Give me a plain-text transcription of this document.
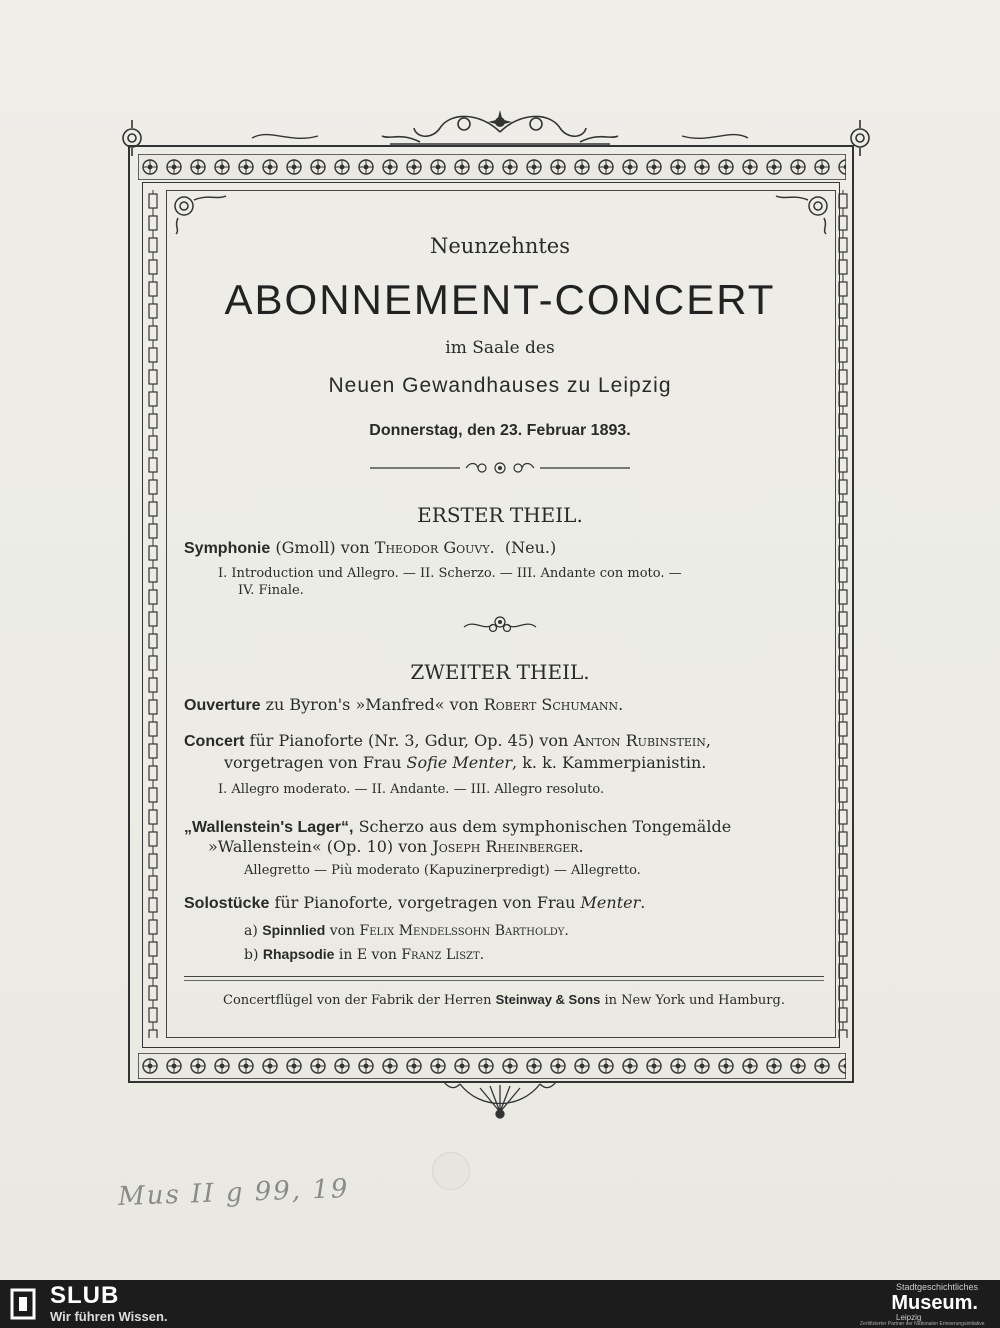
Neunzehntes
ABONNEMENT-CONCERT
im Saale des
Neuen Gewandhauses zu Leipzig
Donnerstag, den 23. Februar 1893.
ERSTER THEIL.
Symphonie (Gmoll) von Theodor Gouvy. (Neu.)
I. Introduction und Allegro. — II. Scherzo. — III. Andante con moto. —
IV. Finale.
ZWEITER THEIL.
Ouverture zu Byron's »Manfred« von Robert Schumann.
Concert für Pianoforte (Nr. 3, Gdur, Op. 45) von Anton Rubinstein,
vorgetragen von Frau Sofie Menter, k. k. Kammerpianistin.
I. Allegro moderato. — II. Andante. — III. Allegro resoluto.
„Wallenstein's Lager“, Scherzo aus dem symphonischen Tongemälde
»Wallenstein« (Op. 10) von Joseph Rheinberger.
Allegretto — Più moderato (Kapuzinerpredigt) — Allegretto.
Solostücke für Pianoforte, vorgetragen von Frau Menter.
a) Spinnlied von Felix Mendelssohn Bartholdy.
b) Rhapsodie in E von Franz Liszt.
Concertflügel von der Fabrik der Herren Steinway & Sons in New York und Hamburg.
Mus II g 99, 19
SLUB
Wir führen Wissen.
Stadtgeschichtliches
Museum.
Leipzig
Zertifizierter Partner der Nationalen Erinnerungsinitiative
